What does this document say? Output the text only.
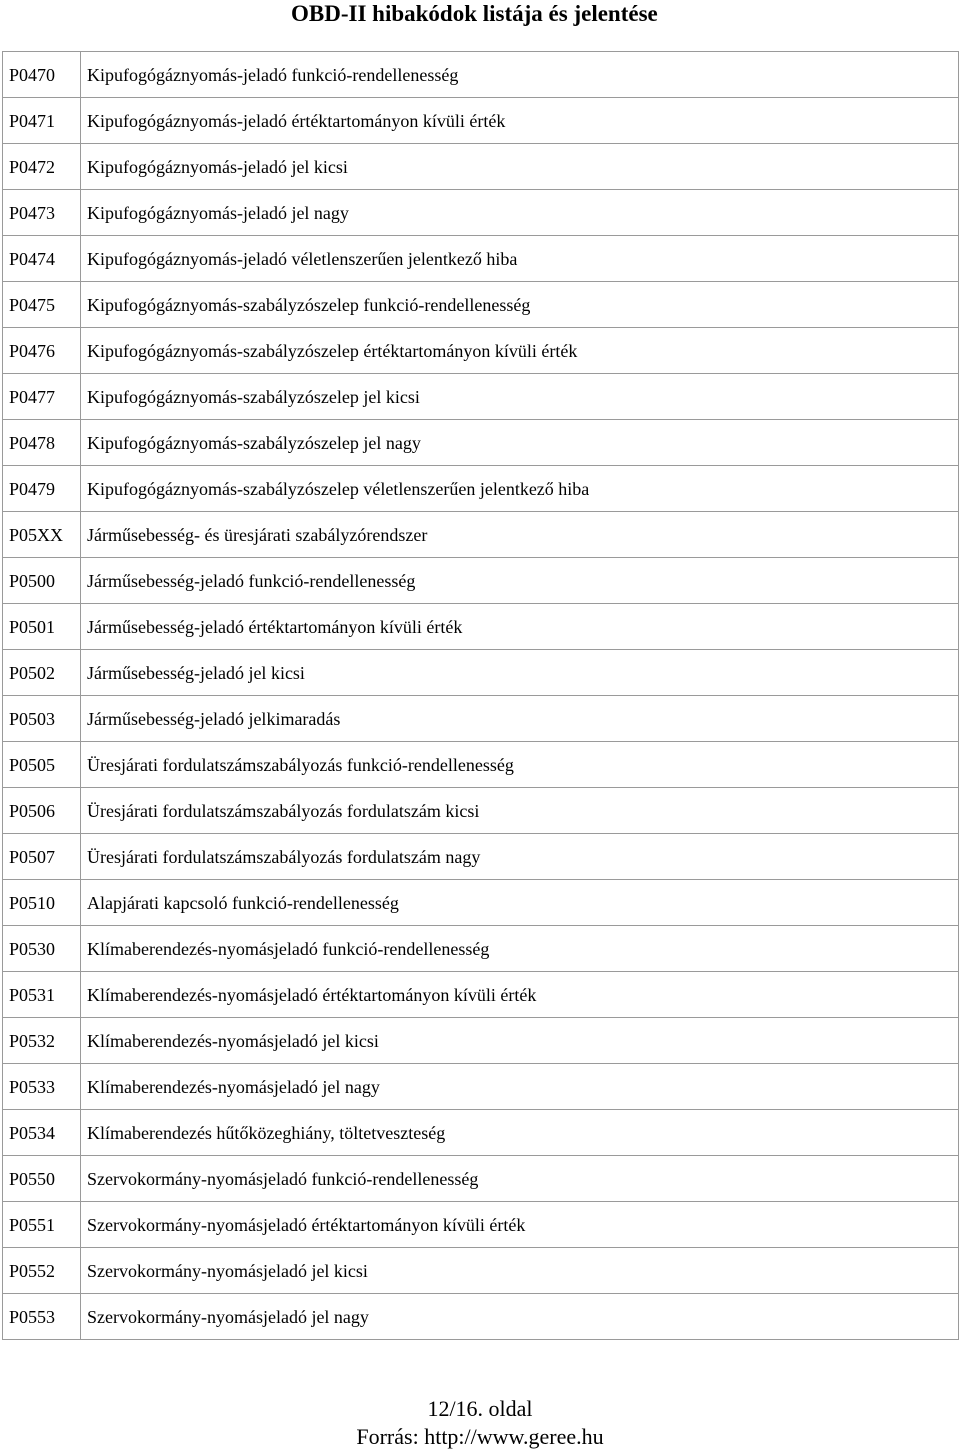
OBD-II hibakódok listája és jelentése
P0470	Kipufogógáznyomás-jeladó funkció-rendellenesség
P0471	Kipufogógáznyomás-jeladó értéktartományon kívüli érték
P0472	Kipufogógáznyomás-jeladó jel kicsi
P0473	Kipufogógáznyomás-jeladó jel nagy
P0474	Kipufogógáznyomás-jeladó véletlenszerűen jelentkező hiba
P0475	Kipufogógáznyomás-szabályzószelep funkció-rendellenesség
P0476	Kipufogógáznyomás-szabályzószelep értéktartományon kívüli érték
P0477	Kipufogógáznyomás-szabályzószelep jel kicsi
P0478	Kipufogógáznyomás-szabályzószelep jel nagy
P0479	Kipufogógáznyomás-szabályzószelep véletlenszerűen jelentkező hiba
P05XX	Járműsebesség- és üresjárati szabályzórendszer
P0500	Járműsebesség-jeladó funkció-rendellenesség
P0501	Járműsebesség-jeladó értéktartományon kívüli érték
P0502	Járműsebesség-jeladó jel kicsi
P0503	Járműsebesség-jeladó jelkimaradás
P0505	Üresjárati fordulatszámszabályozás funkció-rendellenesség
P0506	Üresjárati fordulatszámszabályozás fordulatszám kicsi
P0507	Üresjárati fordulatszámszabályozás fordulatszám nagy
P0510	Alapjárati kapcsoló funkció-rendellenesség
P0530	Klímaberendezés-nyomásjeladó funkció-rendellenesség
P0531	Klímaberendezés-nyomásjeladó értéktartományon kívüli érték
P0532	Klímaberendezés-nyomásjeladó jel kicsi
P0533	Klímaberendezés-nyomásjeladó jel nagy
P0534	Klímaberendezés hűtőközeghiány, töltetveszteség
P0550	Szervokormány-nyomásjeladó funkció-rendellenesség
P0551	Szervokormány-nyomásjeladó értéktartományon kívüli érték
P0552	Szervokormány-nyomásjeladó jel kicsi
P0553	Szervokormány-nyomásjeladó jel nagy
12/16. oldal
Forrás: http://www.geree.hu
